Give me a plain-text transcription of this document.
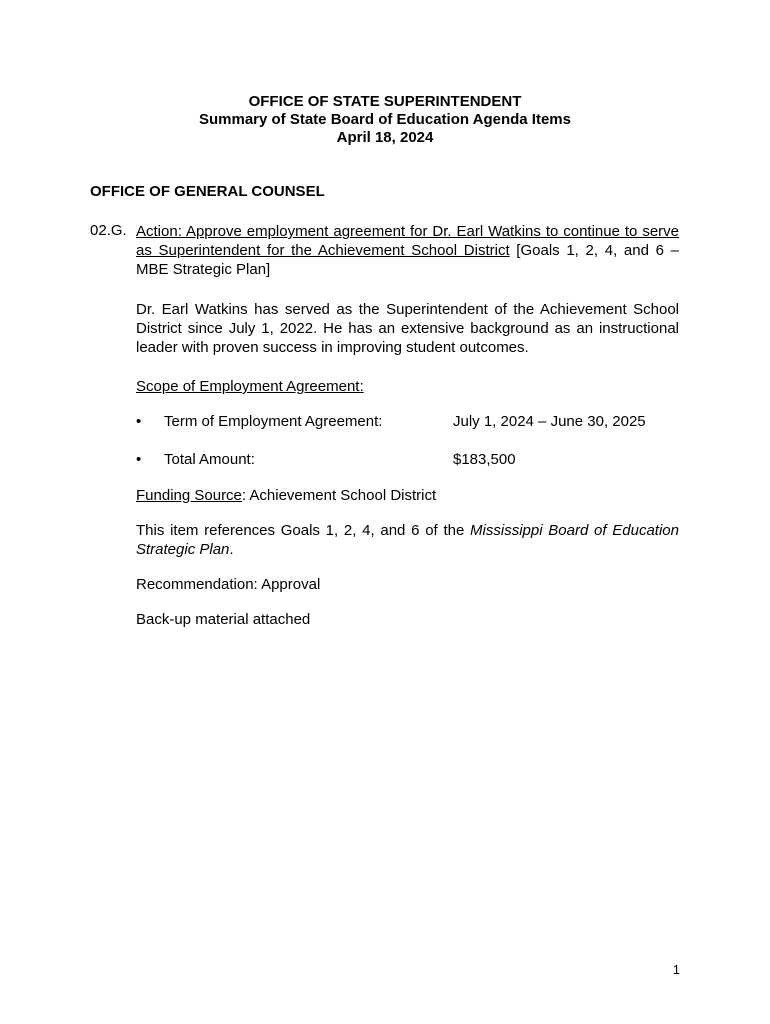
OFFICE OF STATE SUPERINTENDENT
Summary of State Board of Education Agenda Items
April 18, 2024
OFFICE OF GENERAL COUNSEL
02.G. Action: Approve employment agreement for Dr. Earl Watkins to continue to serve as Superintendent for the Achievement School District [Goals 1, 2, 4, and 6 – MBE Strategic Plan]
Dr. Earl Watkins has served as the Superintendent of the Achievement School District since July 1, 2022. He has an extensive background as an instructional leader with proven success in improving student outcomes.
Scope of Employment Agreement:
• Term of Employment Agreement:	July 1, 2024 – June 30, 2025
• Total Amount:	$183,500
Funding Source: Achievement School District
This item references Goals 1, 2, 4, and 6 of the Mississippi Board of Education Strategic Plan.
Recommendation: Approval
Back-up material attached
1
